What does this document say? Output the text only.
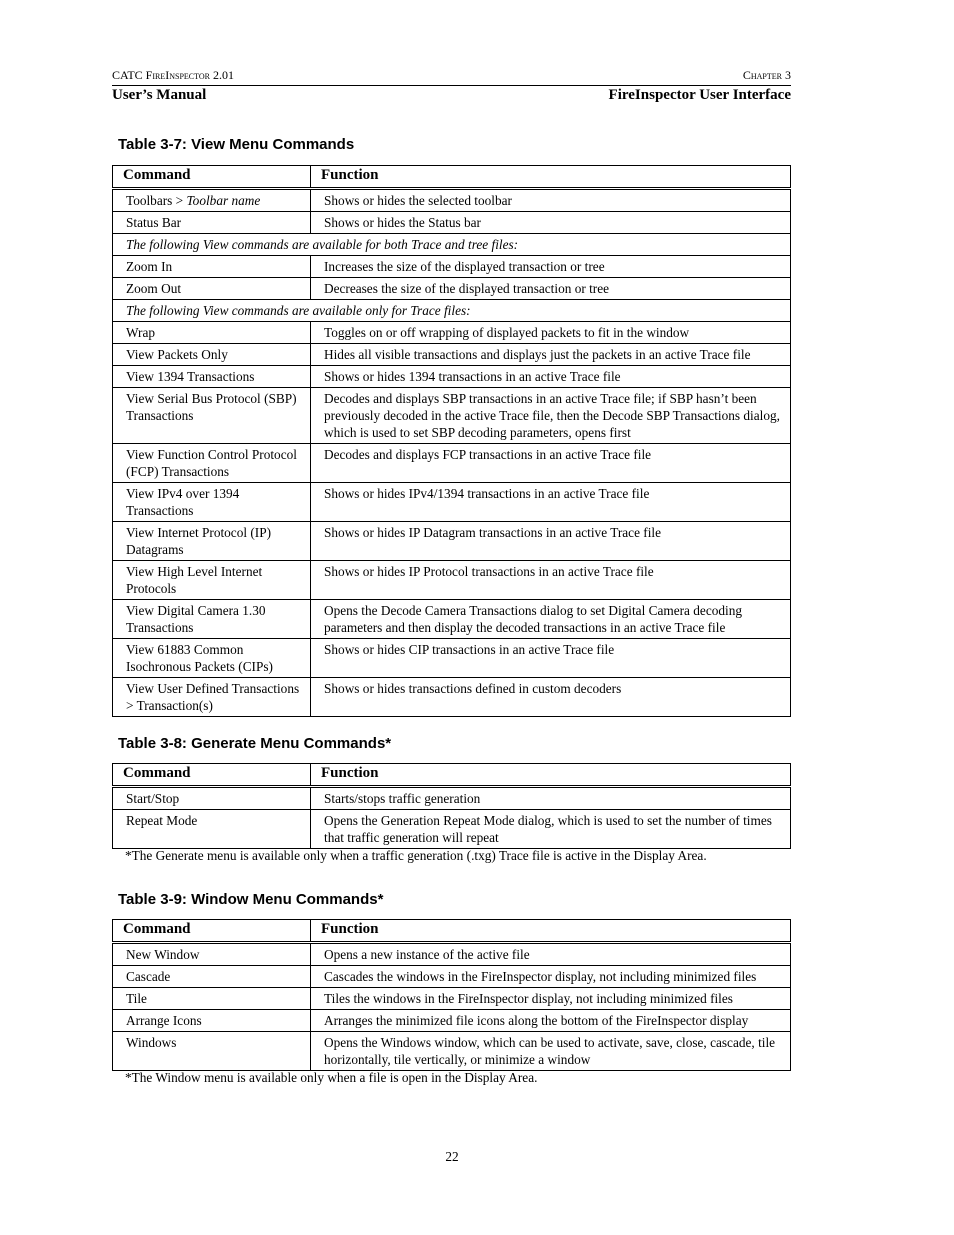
CATC FireInspector 2.01	Chapter 3
User’s Manual	FireInspector User Interface
Table 3-7: View Menu Commands
Command	Function
Toolbars > Toolbar name	Shows or hides the selected toolbar
Status Bar	Shows or hides the Status bar
The following View commands are available for both Trace and tree files:	
Zoom In	Increases the size of the displayed transaction or tree
Zoom Out	Decreases the size of the displayed transaction or tree
The following View commands are available only for Trace files:	
Wrap	Toggles on or off wrapping of displayed packets to fit in the window
View Packets Only	Hides all visible transactions and displays just the packets in an active Trace file
View 1394 Transactions	Shows or hides 1394 transactions in an active Trace file
View Serial Bus Protocol (SBP) Transactions	Decodes and displays SBP transactions in an active Trace file; if SBP hasn’t been previously decoded in the active Trace file, then the Decode SBP Transactions dialog, which is used to set SBP decoding parameters, opens first
View Function Control Protocol (FCP) Transactions	Decodes and displays FCP transactions in an active Trace file
View IPv4 over 1394 Transactions	Shows or hides IPv4/1394 transactions in an active Trace file
View Internet Protocol (IP) Datagrams	Shows or hides IP Datagram transactions in an active Trace file
View High Level Internet Protocols	Shows or hides IP Protocol transactions in an active Trace file
View Digital Camera 1.30 Transactions	Opens the Decode Camera Transactions dialog to set Digital Camera decoding parameters and then display the decoded transactions in an active Trace file
View 61883 Common Isochronous Packets (CIPs)	Shows or hides CIP transactions in an active Trace file
View User Defined Transactions > Transaction(s)	Shows or hides transactions defined in custom decoders
Table 3-8: Generate Menu Commands*
Command	Function
Start/Stop	Starts/stops traffic generation
Repeat Mode	Opens the Generation Repeat Mode dialog, which is used to set the number of times that traffic generation will repeat
*The Generate menu is available only when a traffic generation (.txg) Trace file is active in the Display Area.
Table 3-9: Window Menu Commands*
Command	Function
New Window	Opens a new instance of the active file
Cascade	Cascades the windows in the FireInspector display, not including minimized files
Tile	Tiles the windows in the FireInspector display, not including minimized files
Arrange Icons	Arranges the minimized file icons along the bottom of the FireInspector display
Windows	Opens the Windows window, which can be used to activate, save, close, cascade, tile horizontally, tile vertically, or minimize a window
*The Window menu is available only when a file is open in the Display Area.
22
